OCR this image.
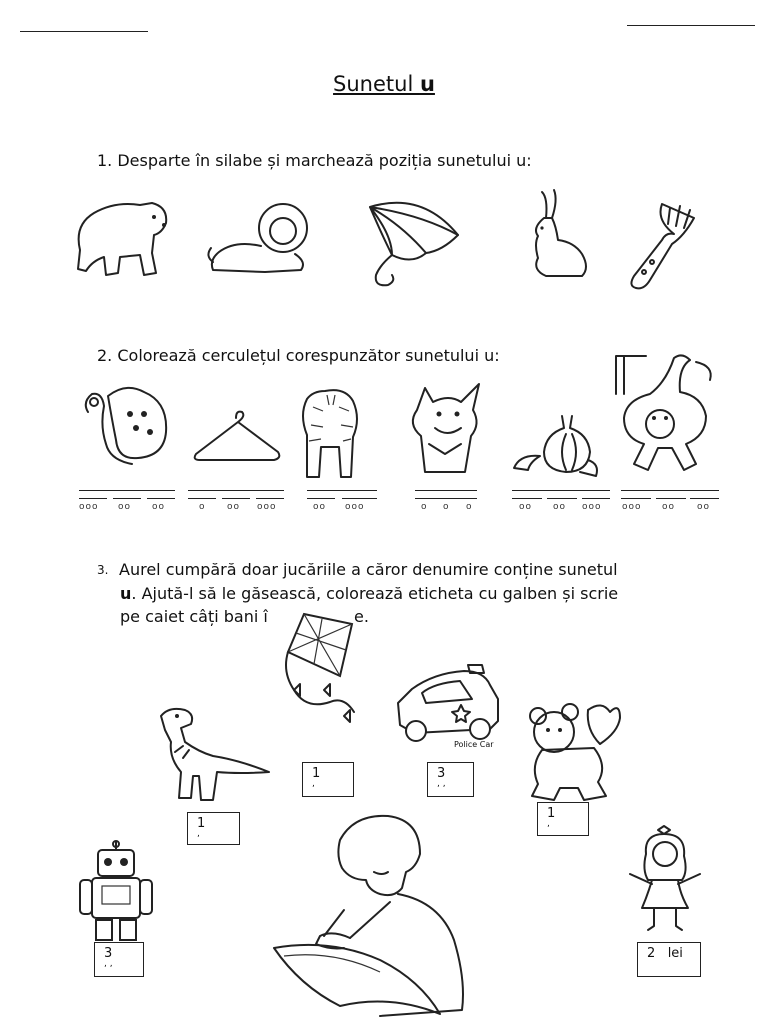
Sunetul u
1. Desparte în silabe și marchează poziția sunetului u:
2. Colorează cerculețul corespunzător sunetului u:
ooo oo oo	o oo ooo	oo ooo	o o o	oo oo ooo ooo oo oo
3. Aurel cumpără doar jucăriile a căror denumire conține sunetul
u. Ajută-l să le găsească, colorează eticheta cu galben și scrie
pe caiet câți bani î	e.
Police Car
1
,
3
, ,
1
,
1
,
3
, ,
2 lei
